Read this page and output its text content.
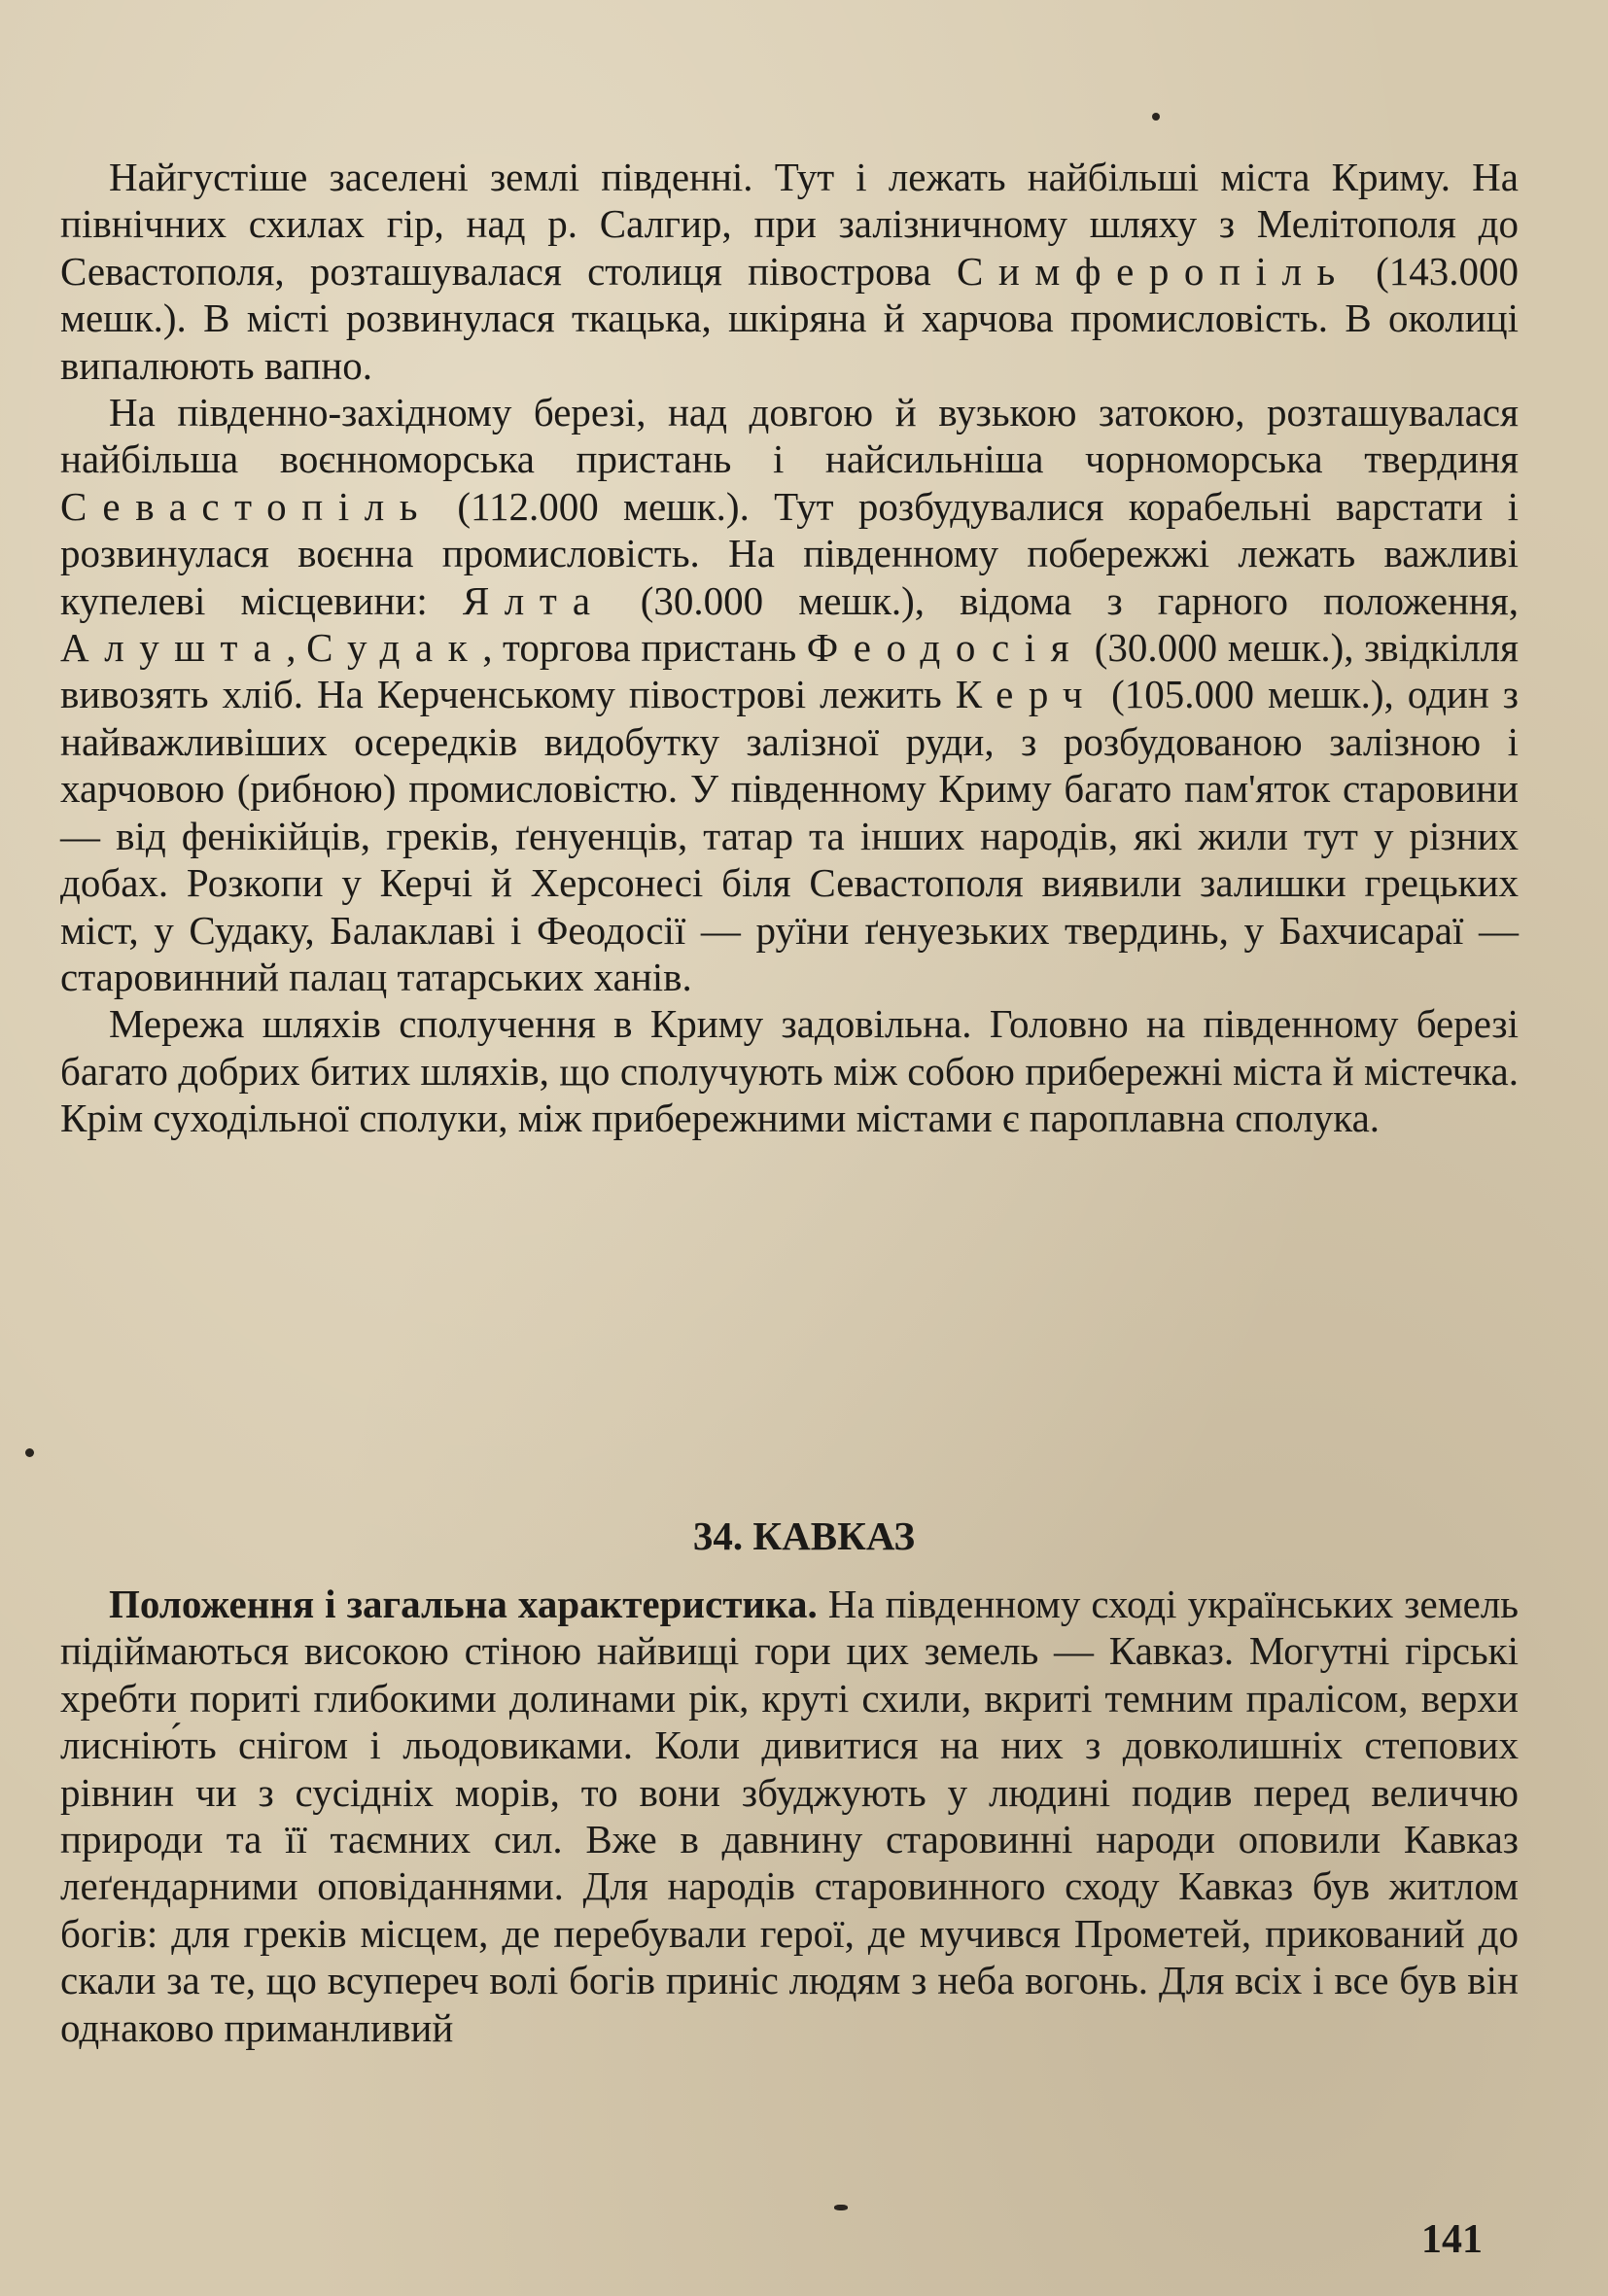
Найгустіше заселені землі південні. Тут і лежать найбільші міста Криму. На північних схилах гір, над р. Салгир, при залізничному шляху з Мелітополя до Севастополя, розташувалася столиця півострова Симферопіль (143.000 мешк.). В місті розвинулася ткацька, шкіряна й харчова промисловість. В околиці випалюють вапно.

На південно-західному березі, над довгою й вузькою затокою, розташувалася найбільша воєнноморська пристань і найсильніша чорноморська твердиня Севастопіль (112.000 мешк.). Тут розбудувалися корабельні варстати і розвинулася воєнна промисловість. На південному побережжі лежать важливі купелеві місцевини: Ялта (30.000 мешк.), відома з гарного положення, Алушта, Судак, торгова пристань Феодосія (30.000 мешк.), звідкілля вивозять хліб. На Керченському півострові лежить Керч (105.000 мешк.), один з найважливіших осередків видобутку залізної руди, з розбудованою залізною і харчовою (рибною) промисловістю. У південному Криму багато пам'яток старовини — від фенікійців, греків, ґенуенців, татар та інших народів, які жили тут у різних добах. Розкопи у Керчі й Херсонесі біля Севастополя виявили залишки грецьких міст, у Судаку, Балаклаві і Феодосії — руїни ґенуезьких твердинь, у Бахчисараї — старовинний палац татарських ханів.

Мережа шляхів сполучення в Криму задовільна. Головно на південному березі багато добрих битих шляхів, що сполучують між собою прибережні міста й містечка. Крім суходільної сполуки, між прибережними містами є пароплавна сполука.

34. КАВКАЗ

Положення і загальна характеристика. На південному сході українських земель підіймаються високою стіною найвищі гори цих земель — Кавказ. Могутні гірські хребти пориті глибокими долинами рік, круті схили, вкриті темним пралісом, верхи лиснію́ть снігом і льодовиками. Коли дивитися на них з довколишніх степових рівнин чи з сусідніх морів, то вони збуджують у людині подив перед величчю природи та її таємних сил. Вже в давнину старовинні народи оповили Кавказ леґендарними оповіданнями. Для народів старовинного сходу Кавказ був житлом богів: для греків місцем, де перебували герої, де мучився Прометей, прикований до скали за те, що всупереч волі богів приніс людям з неба вогонь. Для всіх і все був він однаково приманливий

141
